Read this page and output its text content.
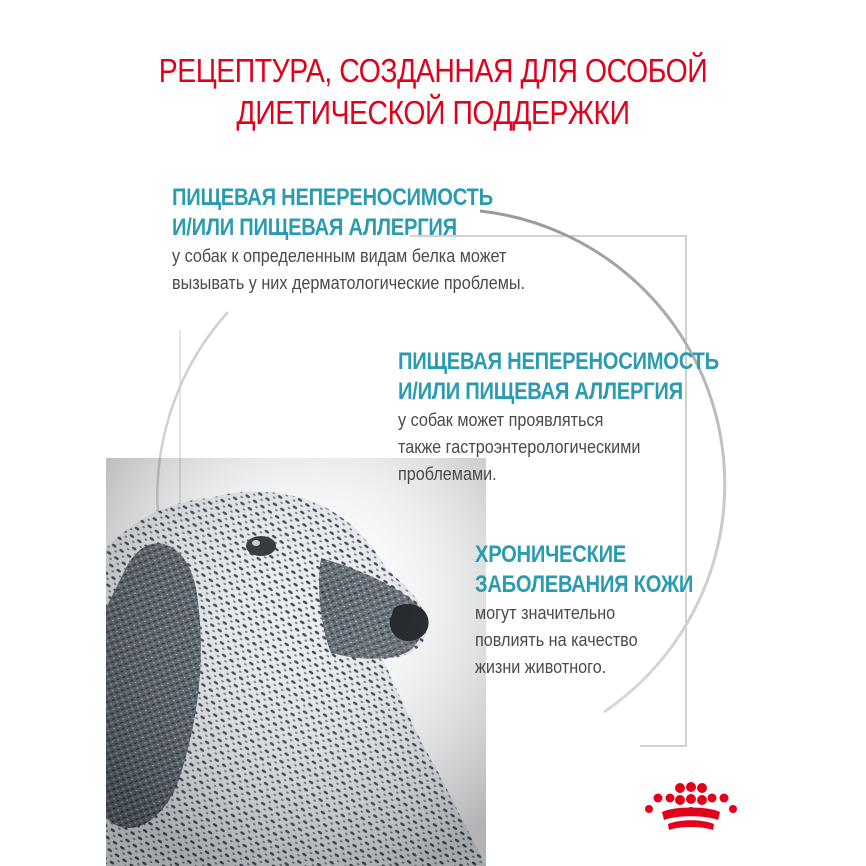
РЕЦЕПТУРА, СОЗДАННАЯ ДЛЯ ОСОБОЙ
ДИЕТИЧЕСКОЙ ПОДДЕРЖКИ
ПИЩЕВАЯ НЕПЕРЕНОСИМОСТЬ
И/ИЛИ ПИЩЕВАЯ АЛЛЕРГИЯ
у собак к определенным видам белка может
вызывать у них дерматологические проблемы.
ПИЩЕВАЯ НЕПЕРЕНОСИМОСТЬ
И/ИЛИ ПИЩЕВАЯ АЛЛЕРГИЯ
у собак может проявляться
также гастроэнтерологическими
проблемами.
ХРОНИЧЕСКИЕ
ЗАБОЛЕВАНИЯ КОЖИ
могут значительно
повлиять на качество
жизни животного.
